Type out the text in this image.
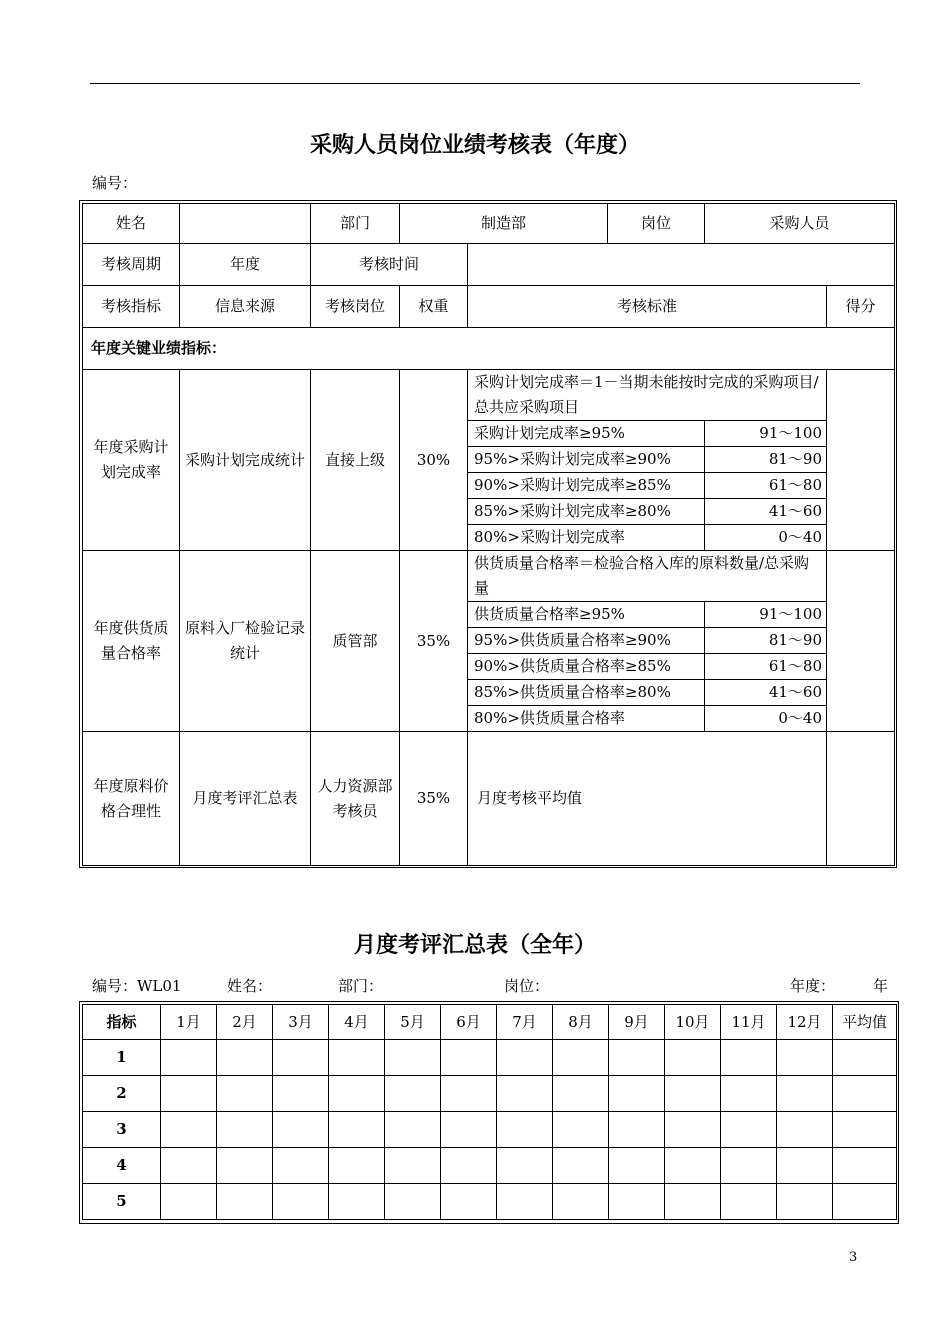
采购人员岗位业绩考核表（年度）
编号：
姓名		部门	制造部		岗位	采购人员	
考核周期	年度	考核时间					
考核指标	信息来源	考核岗位	权重	考核标准			得分
年度关键业绩指标：							
年度采购计划完成率	采购计划完成统计	直接上级	30%	采购计划完成率＝1－当期未能按时完成的采购项目/总共应采购项目			
				采购计划完成率≥95%		91～100	
				95%>采购计划完成率≥90%		81～90	
				90%>采购计划完成率≥85%		61～80	
				85%>采购计划完成率≥80%		41～60	
				80%>采购计划完成率		0～40	
年度供货质量合格率	原料入厂检验记录统计	质管部	35%	供货质量合格率＝检验合格入库的原料数量/总采购量			
				供货质量合格率≥95%		91～100	
				95%>供货质量合格率≥90%		81～90	
				90%>供货质量合格率≥85%		61～80	
				85%>供货质量合格率≥80%		41～60	
				80%>供货质量合格率		0～40	
年度原料价格合理性	月度考评汇总表	人力资源部考核员	35%	月度考核平均值			
月度考评汇总表（全年）
编号：WL01	姓名：	部门：	岗位：	年度：	年
指标	1月	2月	3月	4月	5月	6月	7月	8月	9月	10月	11月	12月	平均值
1													
2													
3													
4													
5													
3
